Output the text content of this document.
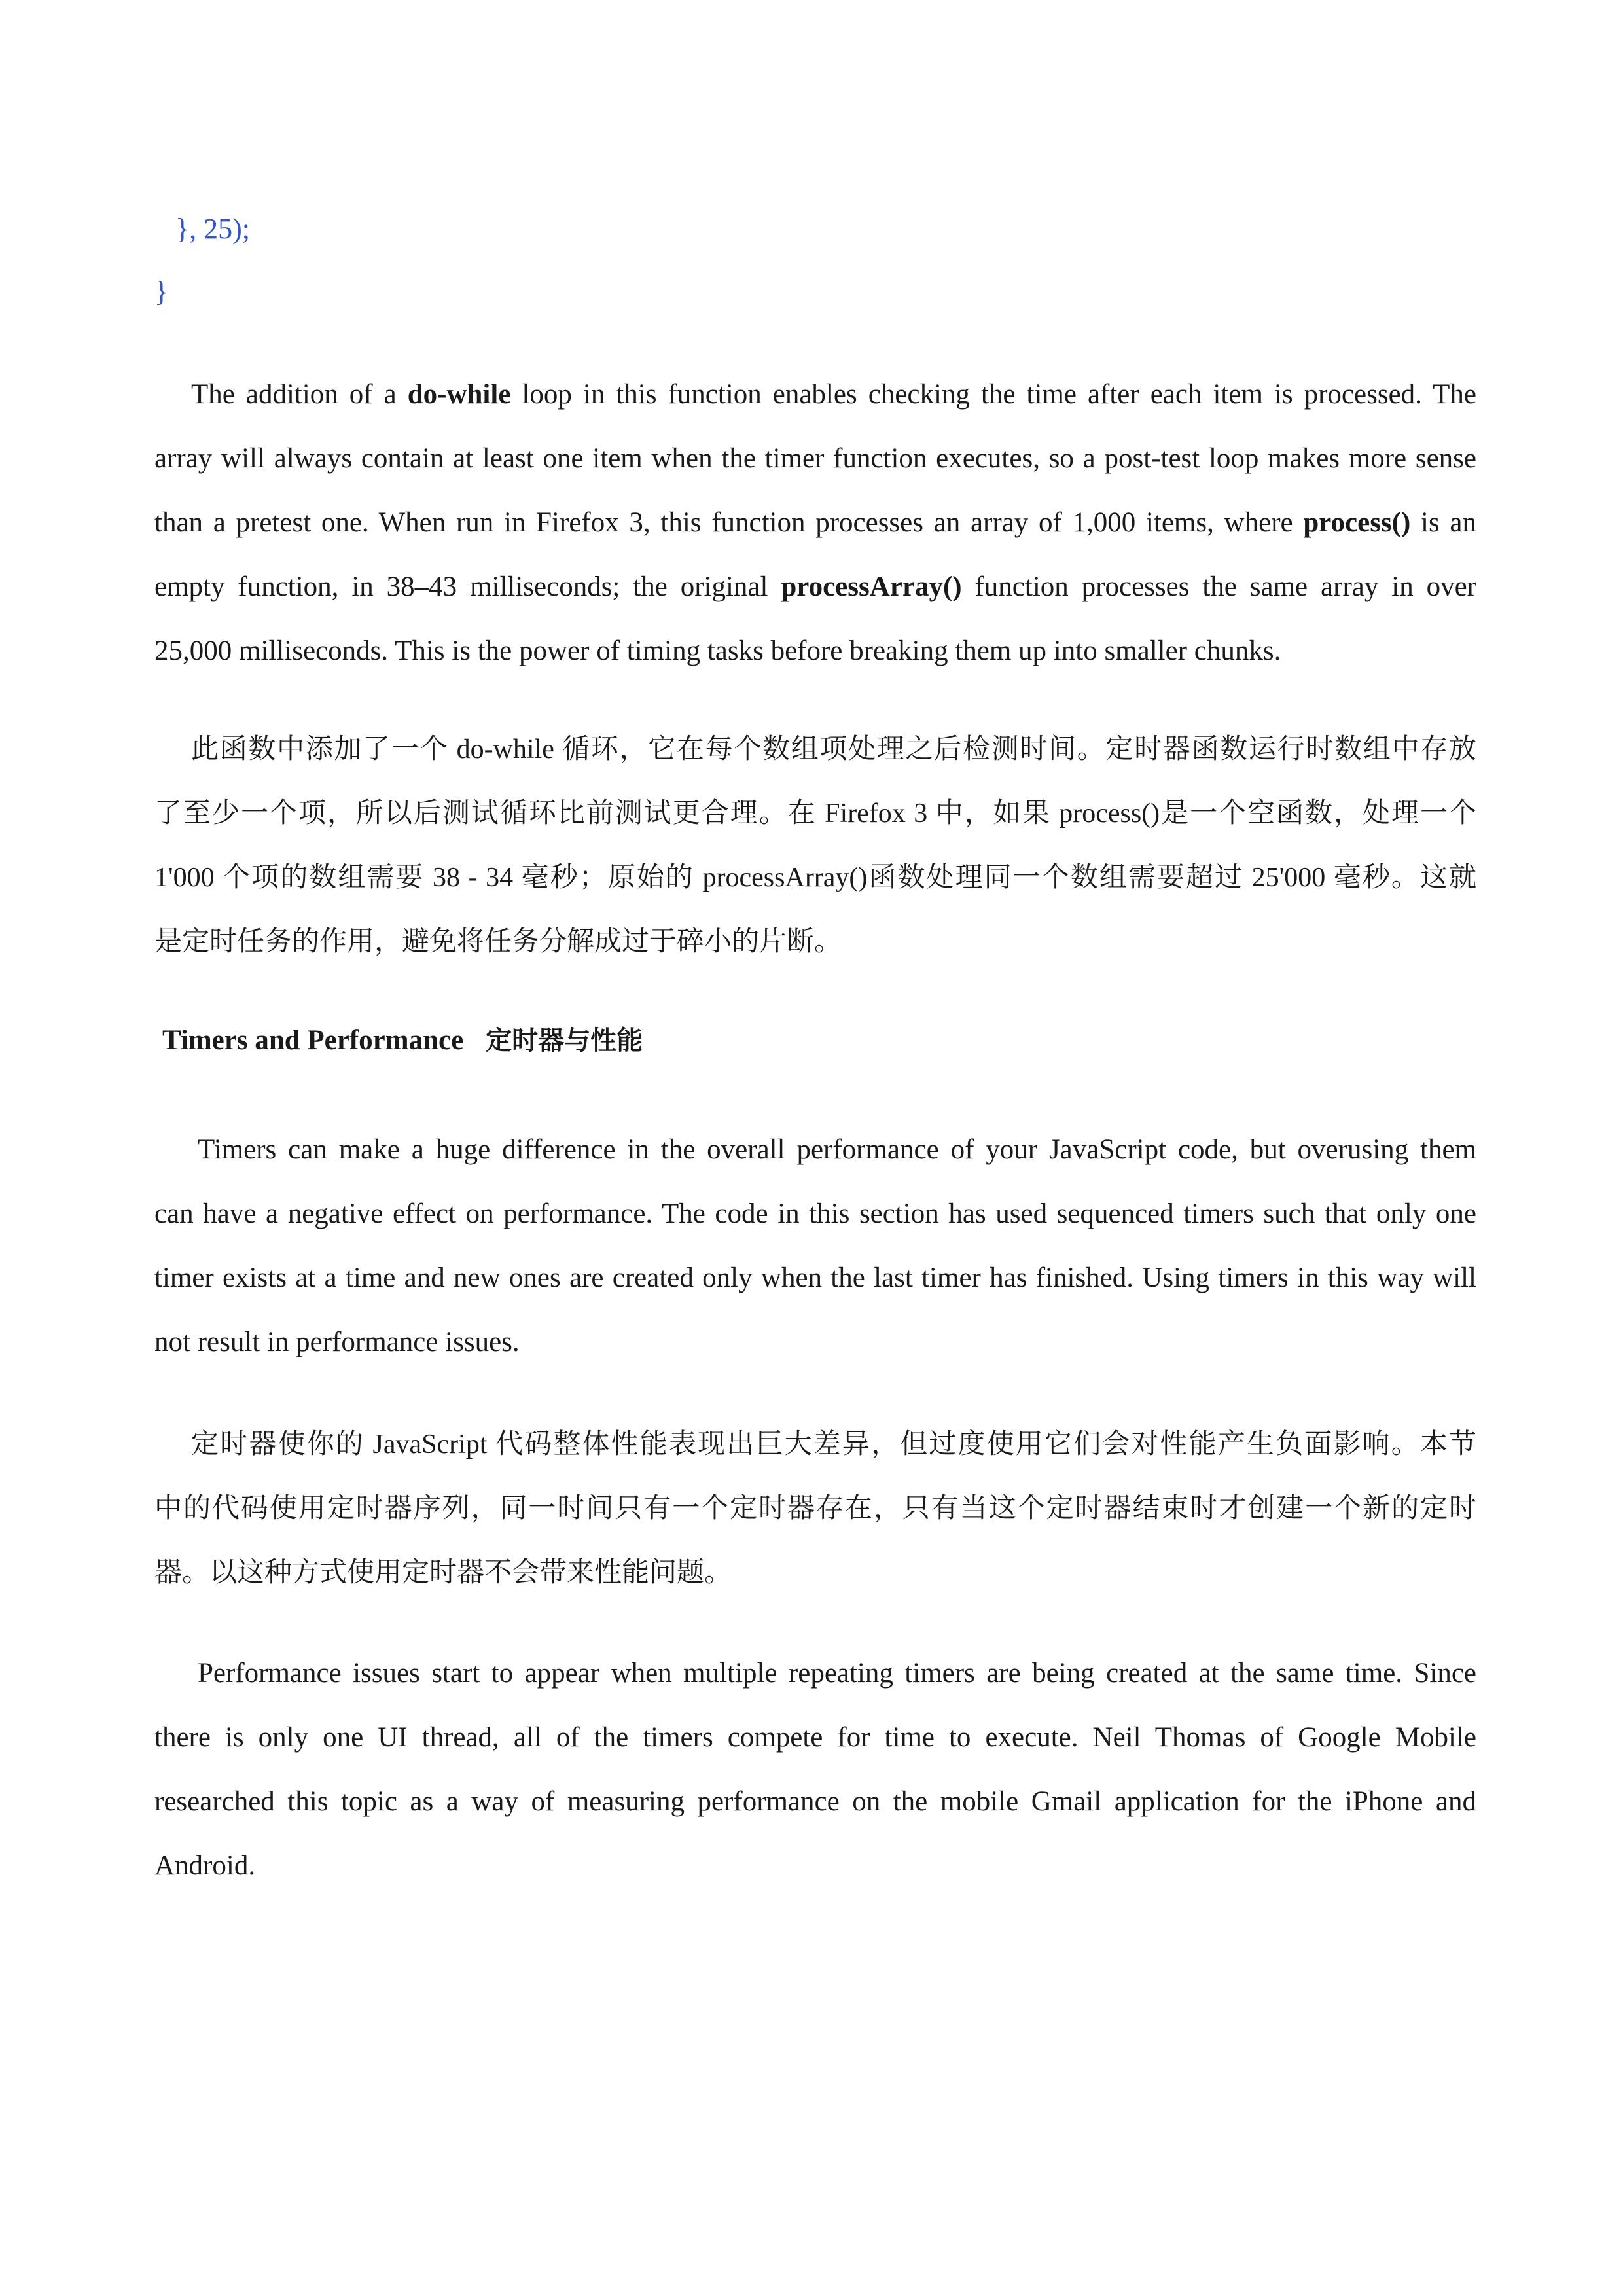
}, 25);
}

The addition of a do-while loop in this function enables checking the time after each item is processed. The
array will always contain at least one item when the timer function executes, so a post-test loop makes more sense
than a pretest one. When run in Firefox 3, this function processes an array of 1,000 items, where process() is an
empty function, in 38–43 milliseconds; the original processArray() function processes the same array in over
25,000 milliseconds. This is the power of timing tasks before breaking them up into smaller chunks.

此函数中添加了一个 do-while 循环，它在每个数组项处理之后检测时间。定时器函数运行时数组中存放
了至少一个项，所以后测试循环比前测试更合理。在 Firefox 3 中，如果 process()是一个空函数，处理一个
1'000 个项的数组需要 38 - 34 毫秒；原始的 processArray()函数处理同一个数组需要超过 25'000 毫秒。这就
是定时任务的作用，避免将任务分解成过于碎小的片断。

Timers and Performance 定时器与性能

Timers can make a huge difference in the overall performance of your JavaScript code, but overusing them
can have a negative effect on performance. The code in this section has used sequenced timers such that only one
timer exists at a time and new ones are created only when the last timer has finished. Using timers in this way will
not result in performance issues.

定时器使你的 JavaScript 代码整体性能表现出巨大差异，但过度使用它们会对性能产生负面影响。本节
中的代码使用定时器序列，同一时间只有一个定时器存在，只有当这个定时器结束时才创建一个新的定时
器。以这种方式使用定时器不会带来性能问题。

Performance issues start to appear when multiple repeating timers are being created at the same time. Since
there is only one UI thread, all of the timers compete for time to execute. Neil Thomas of Google Mobile
researched this topic as a way of measuring performance on the mobile Gmail application for the iPhone and
Android.
